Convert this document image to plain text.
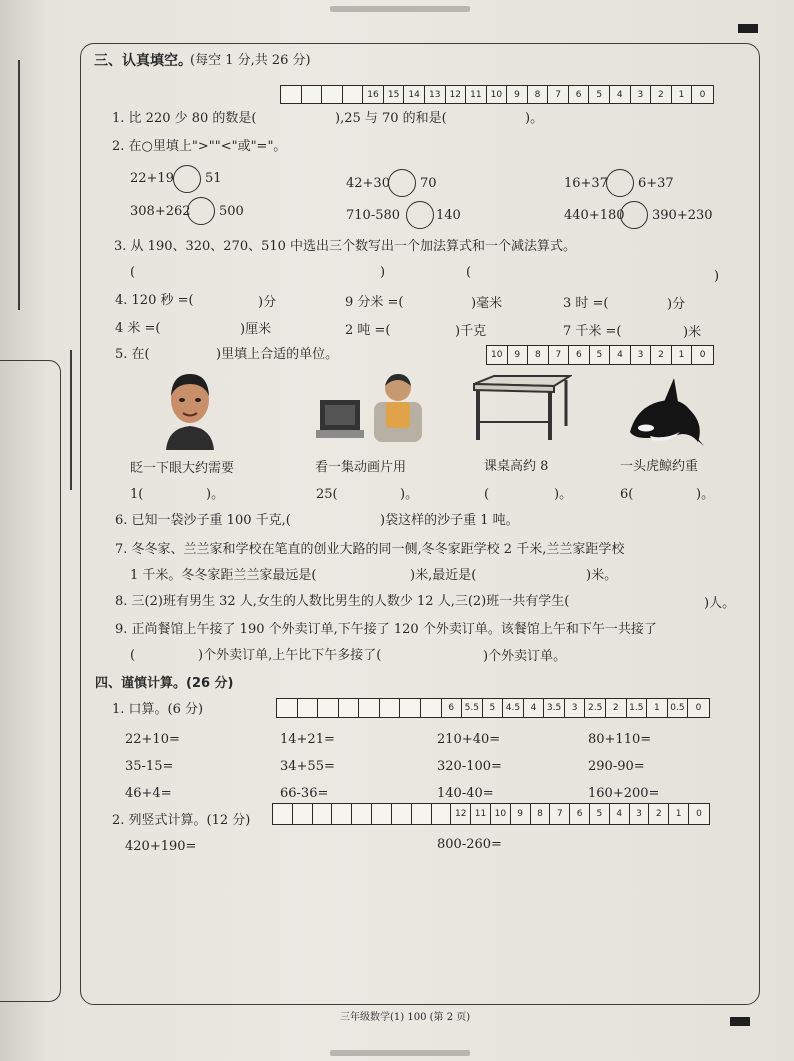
三、认真填空。
(每空 1 分,共 26 分)
16	15	14	13	12	11	10	9	8	7	6	5	4	3	2	1	0
1. 比 220 少 80 的数是(	),25 与 70 的和是(	)。
2. 在○里填上">""<"或"="。
22+19 51	42+30 70	16+37 6+37
308+262 500	710-580	140	440+180 390+230
3. 从 190、320、270、510 中选出三个数写出一个加法算式和一个减法算式。
(	)	(	)
4. 120 秒 =(	)分	9 分米 =(	)毫米	3 时 =(	)分
4 米 =(	)厘米	2 吨 =(	)千克	7 千米 =(	)米
5. 在(	)里填上合适的单位。	10	9	8	7	6	5	4	3	2	1	0
眨一下眼大约需要	看一集动画片用	课桌高约 8	一头虎鲸约重
1(	)。	25(	)。	(	)。	6(	)。
6. 已知一袋沙子重 100 千克,(	)袋这样的沙子重 1 吨。
7. 冬冬家、兰兰家和学校在笔直的创业大路的同一侧,冬冬家距学校 2 千米,兰兰家距学校
1 千米。冬冬家距兰兰家最远是(	)米,最近是(	)米。
8. 三(2)班有男生 32 人,女生的人数比男生的人数少 12 人,三(2)班一共有学生(	)人。
9. 正尚餐馆上午接了 190 个外卖订单,下午接了 120 个外卖订单。该餐馆上午和下午一共接了
(	)个外卖订单,上午比下午多接了(	)个外卖订单。
四、谨慎计算。(26 分)
1. 口算。(6 分)	6	5.5	5	4.5	4	3.5	3	2.5	2	1.5	1	0.5	0
22+10=	14+21=	210+40=	80+110=
35-15=	34+55=	320-100=	290-90=
46+4=	66-36=	140-40=	160+200=
2. 列竖式计算。(12 分)	12 11 10	9	8	7	6	5	4	3	2	1	0
420+190=	800-260=
三年级数学(1) 100 (第 2 页)
